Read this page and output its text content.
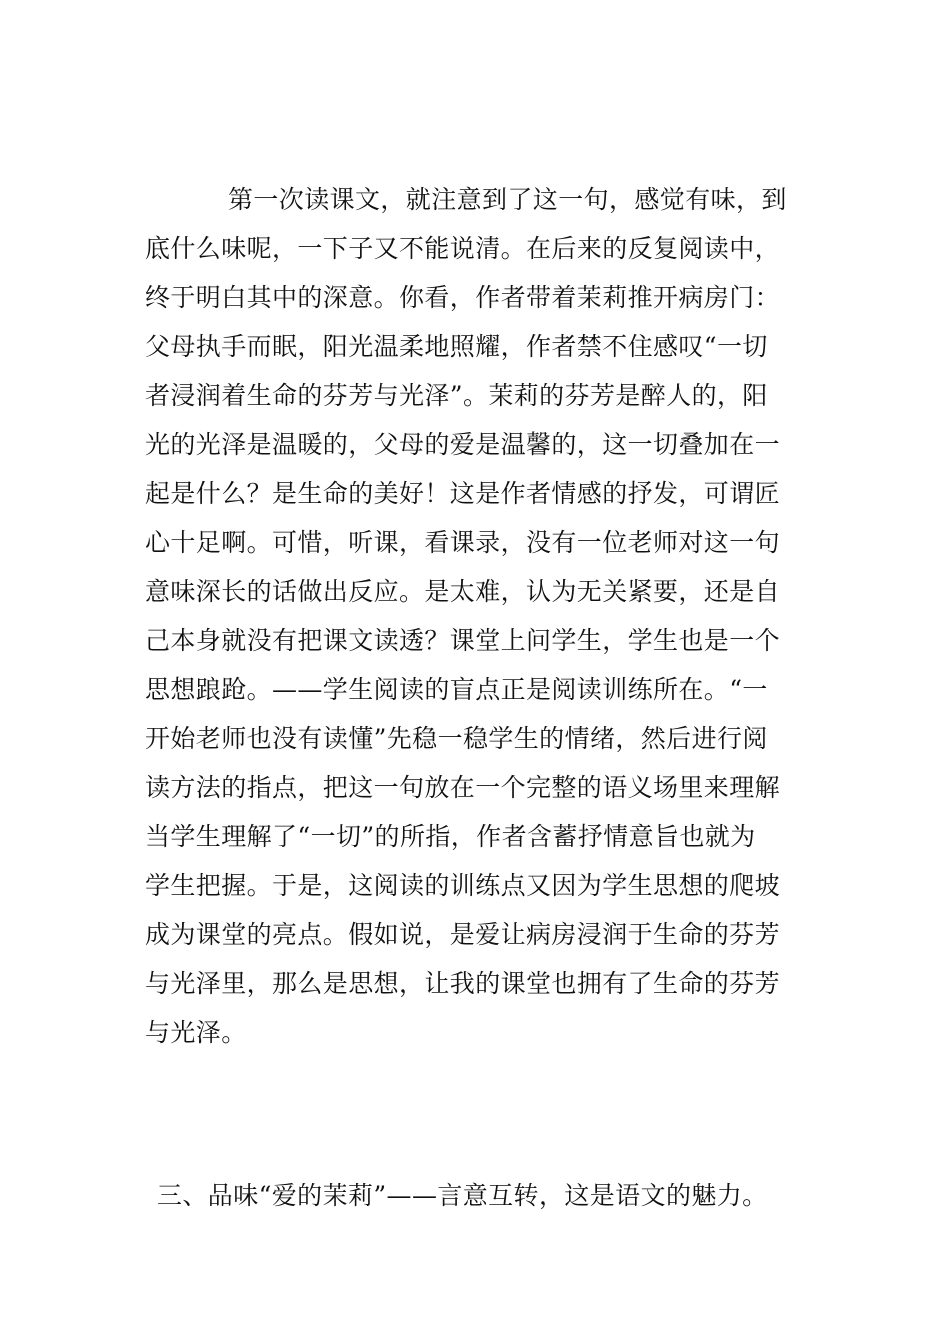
第一次读课文，就注意到了这一句，感觉有味，到
底什么味呢，一下子又不能说清。在后来的反复阅读中，
终于明白其中的深意。你看，作者带着茉莉推开病房门：
父母执手而眠，阳光温柔地照耀，作者禁不住感叹“一切
者浸润着生命的芬芳与光泽”。茉莉的芬芳是醉人的，阳
光的光泽是温暖的，父母的爱是温馨的，这一切叠加在一
起是什么？是生命的美好！这是作者情感的抒发，可谓匠
心十足啊。可惜，听课，看课录，没有一位老师对这一句
意味深长的话做出反应。是太难，认为无关紧要，还是自
己本身就没有把课文读透？课堂上问学生，学生也是一个
思想踉跄。——学生阅读的盲点正是阅读训练所在。“一
开始老师也没有读懂”先稳一稳学生的情绪，然后进行阅
读方法的指点，把这一句放在一个完整的语义场里来理解
当学生理解了“一切”的所指，作者含蓄抒情意旨也就为
学生把握。于是，这阅读的训练点又因为学生思想的爬坡
成为课堂的亮点。假如说，是爱让病房浸润于生命的芬芳
与光泽里，那么是思想，让我的课堂也拥有了生命的芬芳
与光泽。
三、品味“爱的茉莉”——言意互转，这是语文的魅力。
